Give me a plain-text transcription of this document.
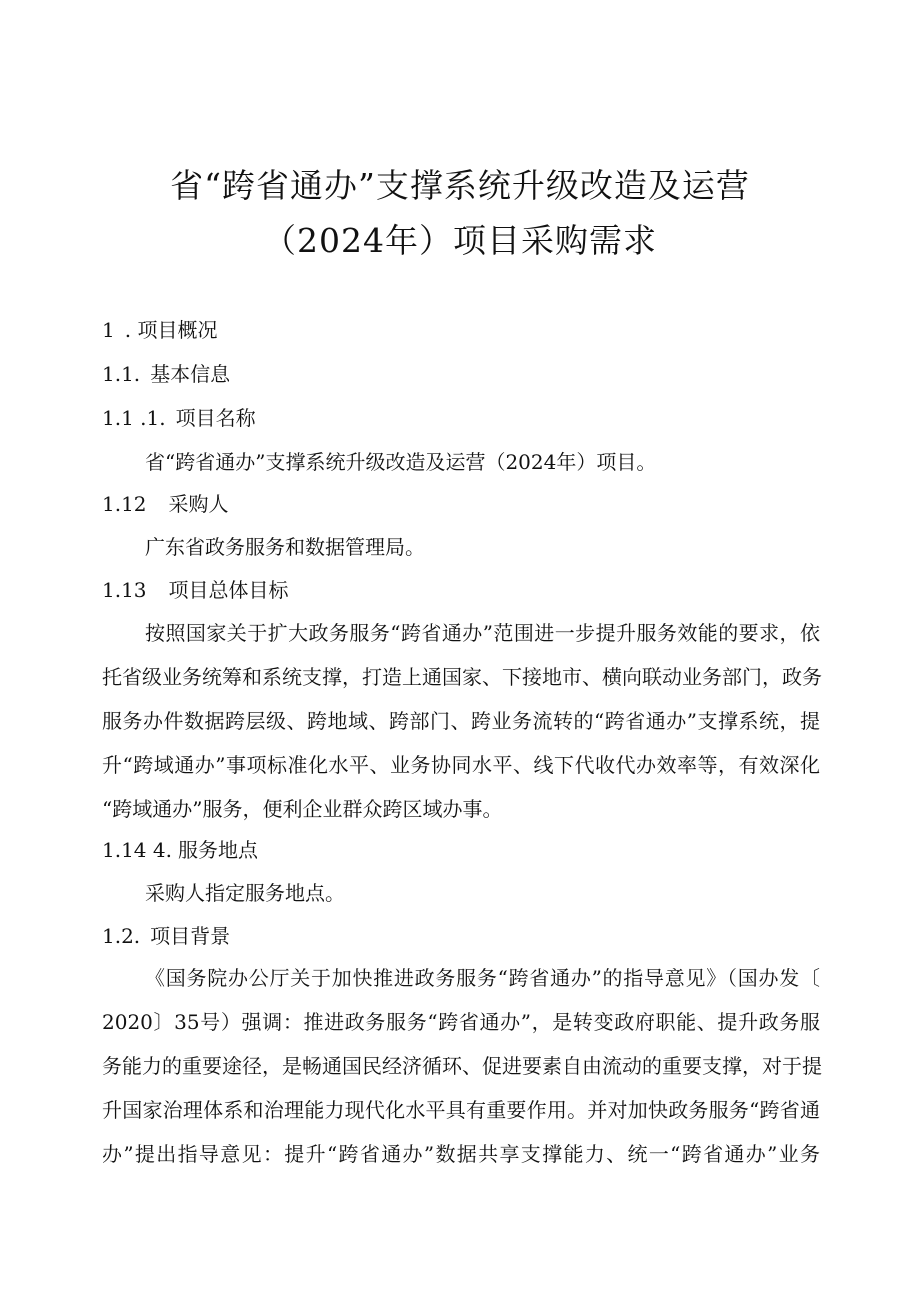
省“跨省通办”支撑系统升级改造及运营
（2024年）项目采购需求
1 . 项目概况
1.1. 基本信息
1.1 .1. 项目名称
省“跨省通办”支撑系统升级改造及运营（2024年）项目。
1.12 采购人
广东省政务服务和数据管理局。
1.13 项目总体目标
按照国家关于扩大政务服务“跨省通办”范围进一步提升服务效能的要求，依
托省级业务统筹和系统支撑，打造上通国家、下接地市、横向联动业务部门，政务
服务办件数据跨层级、跨地域、跨部门、跨业务流转的“跨省通办”支撑系统，提
升“跨域通办”事项标准化水平、业务协同水平、线下代收代办效率等，有效深化
“跨域通办”服务，便利企业群众跨区域办事。
1.14 4. 服务地点
采购人指定服务地点。
1.2. 项目背景
《国务院办公厅关于加快推进政务服务“跨省通办”的指导意见》（国办发〔
2020〕35号）强调：推进政务服务“跨省通办”，是转变政府职能、提升政务服
务能力的重要途径，是畅通国民经济循环、促进要素自由流动的重要支撑，对于提
升国家治理体系和治理能力现代化水平具有重要作用。并对加快政务服务“跨省通
办”提出指导意见：提升“跨省通办”数据共享支撑能力、统一“跨省通办”业务
